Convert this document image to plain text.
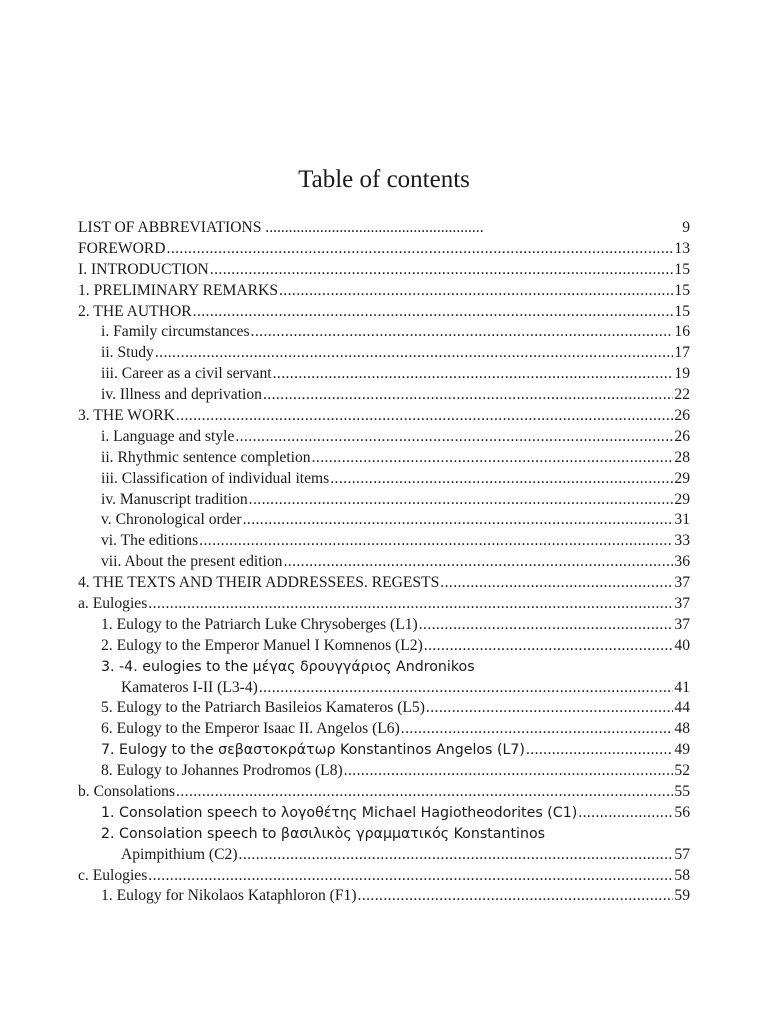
Table of contents
LIST OF ABBREVIATIONS ........................................................	9
FOREWORD .....	13
I. INTRODUCTION .....	15
1. PRELIMINARY REMARKS .....	15
2. THE AUTHOR .....	15
i. Family circumstances .....	16
ii. Study .....	17
iii. Career as a civil servant .....	19
iv. Illness and deprivation .....	22
3. THE WORK .....	26
i. Language and style .....	26
ii. Rhythmic sentence completion .....	28
iii. Classification of individual items .....	29
iv. Manuscript tradition .....	29
v. Chronological order .....	31
vi. The editions .....	33
vii. About the present edition .....	36
4. THE TEXTS AND THEIR ADDRESSEES. REGESTS .....	37
a. Eulogies .....	37
1. Eulogy to the Patriarch Luke Chrysoberges (L1) .....	37
2. Eulogy to the Emperor Manuel I Komnenos (L2) .....	40
3. -4. eulogies to the μέγας δρουγγάριος Andronikos
Kamateros I-II (L3-4) .....	41
5. Eulogy to the Patriarch Basileios Kamateros (L5) .....	44
6. Eulogy to the Emperor Isaac II. Angelos (L6) .....	48
7. Eulogy to the σεβαστοκράτωρ Konstantinos Angelos (L7) .....	49
8. Eulogy to Johannes Prodromos (L8) .....	52
b. Consolations .....	55
1. Consolation speech to λογοθέτης Michael Hagiotheodorites (C1) .....	56
2. Consolation speech to βασιλικὸς γραμματικός Konstantinos
Apimpithium (C2) .....	57
c. Eulogies .....	58
1. Eulogy for Nikolaos Kataphloron (F1) .....	59
